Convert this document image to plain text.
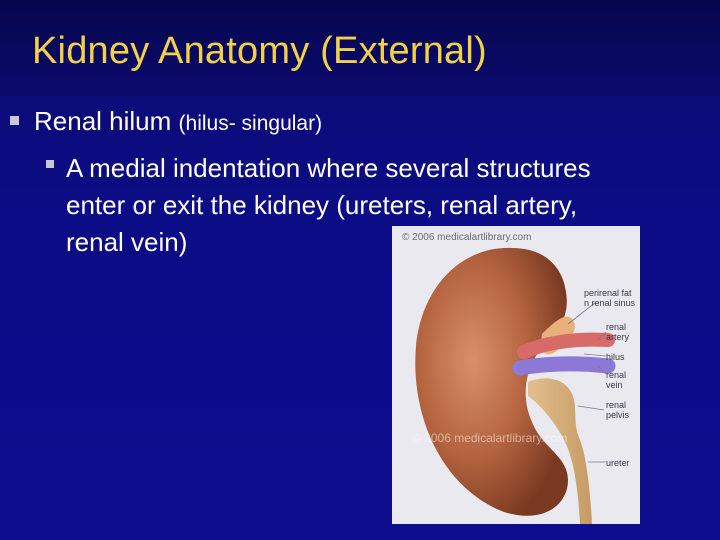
Kidney Anatomy (External)
Renal hilum (hilus- singular)
A medial indentation where several structures
enter or exit the kidney (ureters, renal artery,
renal vein)	© 2006 medicalartlibrary.com
© 2006 medicalartlibrary.com
perirenal fat
n renal sinus
renal
artery
hilus
renal
vein
renal
pelvis
ureter
